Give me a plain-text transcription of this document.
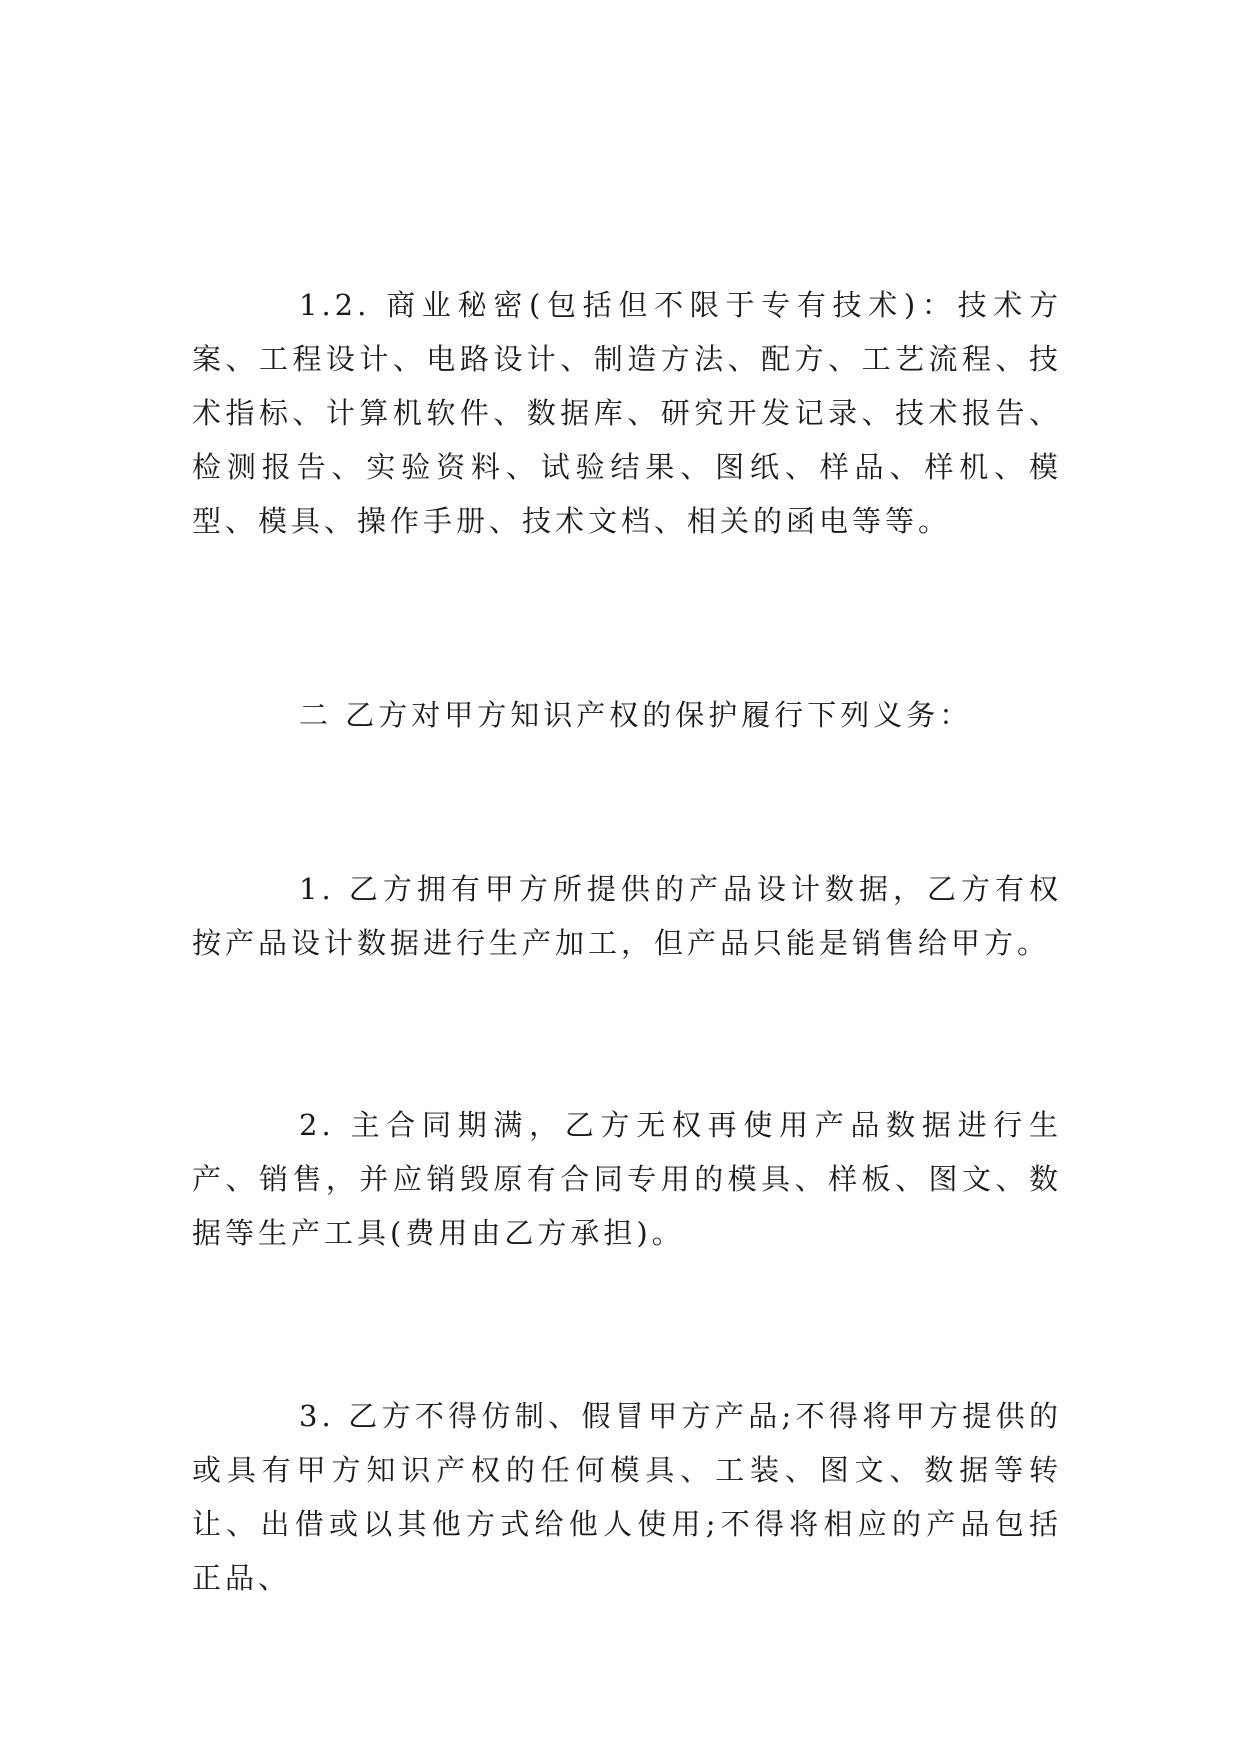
1.2. 商业秘密(包括但不限于专有技术)：技术方案、工程设计、电路设计、制造方法、配方、工艺流程、技术指标、计算机软件、数据库、研究开发记录、技术报告、检测报告、实验资料、试验结果、图纸、样品、样机、模型、模具、操作手册、技术文档、相关的函电等等。

二 乙方对甲方知识产权的保护履行下列义务：

1. 乙方拥有甲方所提供的产品设计数据，乙方有权按产品设计数据进行生产加工，但产品只能是销售给甲方。

2. 主合同期满，乙方无权再使用产品数据进行生产、销售，并应销毁原有合同专用的模具、样板、图文、数据等生产工具(费用由乙方承担)。

3. 乙方不得仿制、假冒甲方产品;不得将甲方提供的或具有甲方知识产权的任何模具、工装、图文、数据等转让、出借或以其他方式给他人使用;不得将相应的产品包括正品、
